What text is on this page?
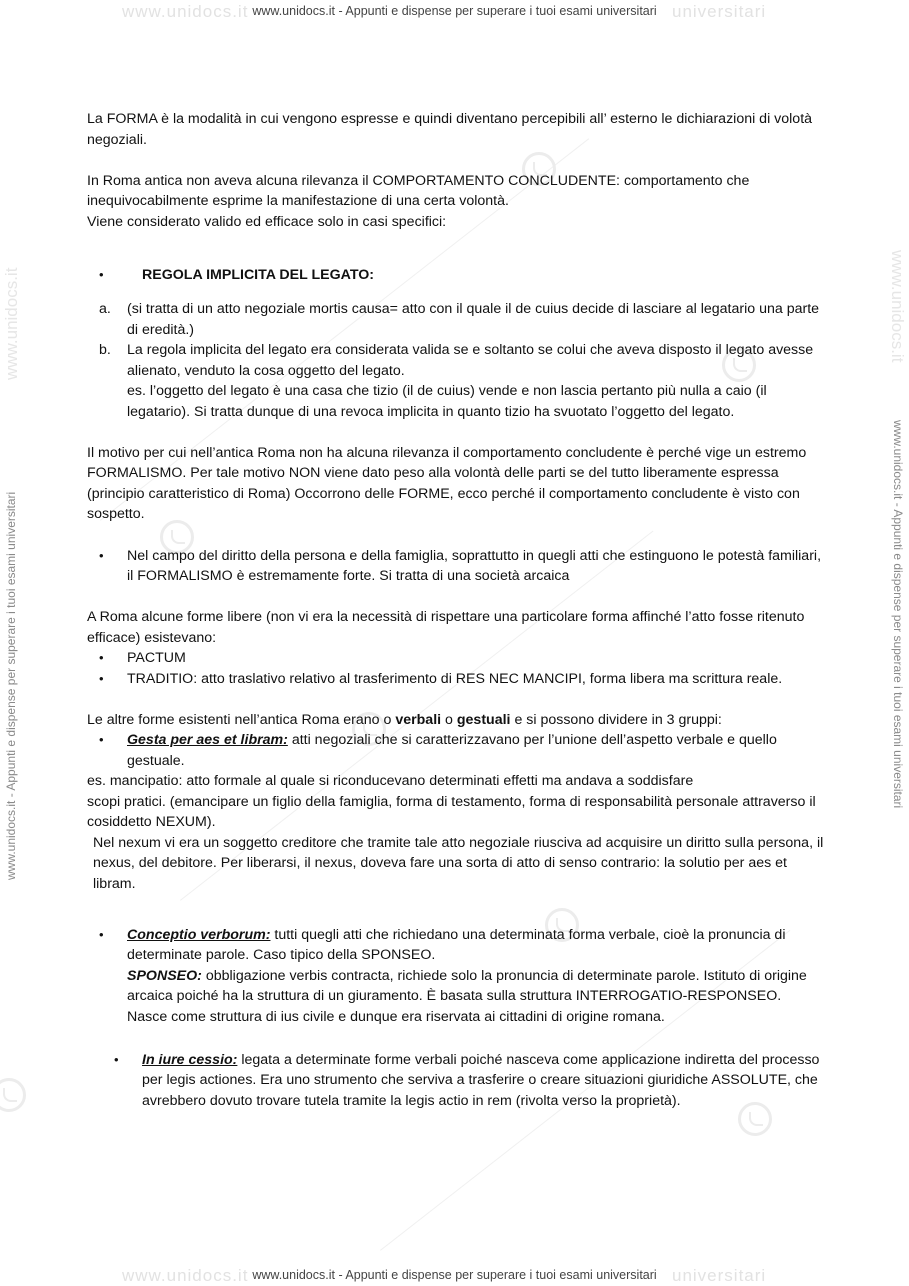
www.unidocs.it	universitari
www.unidocs.it - Appunti e dispense per superare i tuoi esami universitari
www.unidocs.it	universitari
www.unidocs.it - Appunti e dispense per superare i tuoi esami universitari
www.unidocs.it - Appunti e dispense per superare i tuoi esami universitari	www.unidocs.it - Appunti e dispense per superare i tuoi esami universitari
www.unidocs.it	www.unidocs.it

La FORMA è la modalità in cui vengono espresse e quindi diventano percepibili all’ esterno le dichiarazioni di volotà negoziali.

In Roma antica non aveva alcuna rilevanza il COMPORTAMENTO CONCLUDENTE: comportamento che inequivocabilmente esprime la manifestazione di una certa volontà.

Viene considerato valido ed efficace solo in casi specifici:

• REGOLA IMPLICITA DEL LEGATO:
a. (si tratta di un atto negoziale mortis causa= atto con il quale il de cuius decide di lasciare al legatario una parte di eredità.)
b. La regola implicita del legato era considerata valida se e soltanto se colui che aveva disposto il legato avesse alienato, venduto la cosa oggetto del legato.

es. l’oggetto del legato è una casa che tizio (il de cuius) vende e non lascia pertanto più nulla a caio (il legatario). Si tratta dunque di una revoca implicita in quanto tizio ha svuotato l’oggetto del legato.

Il motivo per cui nell’antica Roma non ha alcuna rilevanza il comportamento concludente è perché vige un estremo FORMALISMO. Per tale motivo NON viene dato peso alla volontà delle parti se del tutto liberamente espressa (principio caratteristico di Roma) Occorrono delle FORME, ecco perché il comportamento concludente è visto con sospetto.

• Nel campo del diritto della persona e della famiglia, soprattutto in quegli atti che estinguono le potestà familiari, il FORMALISMO è estremamente forte. Si tratta di una società arcaica

A Roma alcune forme libere (non vi era la necessità di rispettare una particolare forma affinché l’atto fosse ritenuto efficace) esistevano:

• PACTUM
• TRADITIO: atto traslativo relativo al trasferimento di RES NEC MANCIPI, forma libera ma scrittura reale.

Le altre forme esistenti nell’antica Roma erano o verbali o gestuali e si possono dividere in 3 gruppi:

• Gesta per aes et libram: atti negoziali che si caratterizzavano per l’unione dell’aspetto verbale e quello gestuale.

es. mancipatio: atto formale al quale si riconducevano determinati effetti ma andava a soddisfare

scopi pratici. (emancipare un figlio della famiglia, forma di testamento, forma di responsabilità personale attraverso il cosiddetto NEXUM).

Nel nexum vi era un soggetto creditore che tramite tale atto negoziale riusciva ad acquisire un diritto sulla persona, il nexus, del debitore. Per liberarsi, il nexus, doveva fare una sorta di atto di senso contrario: la solutio per aes et libram.

• Conceptio verborum: tutti quegli atti che richiedano una determinata forma verbale, cioè la pronuncia di determinate parole. Caso tipico della SPONSEO.

SPONSEO: obbligazione verbis contracta, richiede solo la pronuncia di determinate parole. Istituto di origine arcaica poiché ha la struttura di un giuramento. È basata sulla struttura INTERROGATIO-RESPONSEO.

Nasce come struttura di ius civile e dunque era riservata ai cittadini di origine romana.

• In iure cessio: legata a determinate forme verbali poiché nasceva come applicazione indiretta del processo per legis actiones. Era uno strumento che serviva a trasferire o creare situazioni giuridiche ASSOLUTE, che avrebbero dovuto trovare tutela tramite la legis actio in rem (rivolta verso la proprietà).
